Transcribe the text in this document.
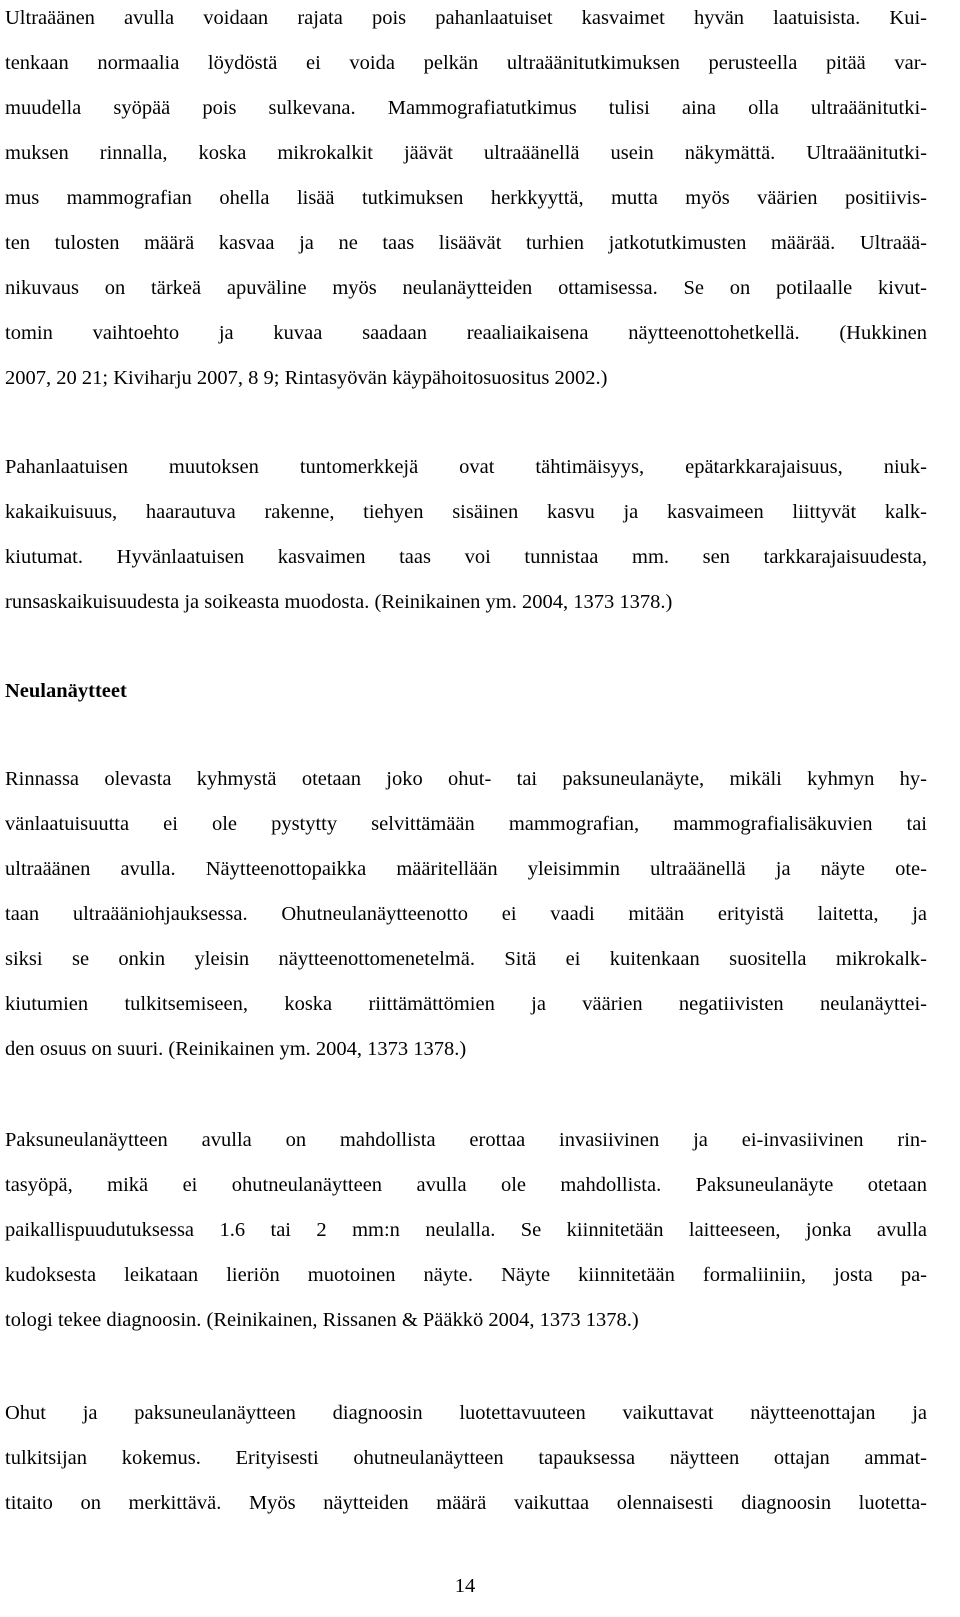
Ultraäänen avulla voidaan rajata pois pahanlaatuiset kasvaimet hyvän laatuisista. Kui-
tenkaan normaalia löydöstä ei voida pelkän ultraäänitutkimuksen perusteella pitää var-
muudella syöpää pois sulkevana. Mammografiatutkimus tulisi aina olla ultraäänitutki-
muksen rinnalla, koska mikrokalkit jäävät ultraäänellä usein näkymättä. Ultraäänitutki-
mus mammografian ohella lisää tutkimuksen herkkyyttä, mutta myös väärien positiivis-
ten tulosten määrä kasvaa ja ne taas lisäävät turhien jatkotutkimusten määrää. Ultraää-
nikuvaus on tärkeä apuväline myös neulanäytteiden ottamisessa. Se on potilaalle kivut-
tomin vaihtoehto ja kuvaa saadaan reaaliaikaisena näytteenottohetkellä. (Hukkinen
2007, 20 21; Kiviharju 2007, 8 9; Rintasyövän käypähoitosuositus 2002.)
Pahanlaatuisen muutoksen tuntomerkkejä ovat tähtimäisyys, epätarkkarajaisuus, niuk-
kakaikuisuus, haarautuva rakenne, tiehyen sisäinen kasvu ja kasvaimeen liittyvät kalk-
kiutumat. Hyvänlaatuisen kasvaimen taas voi tunnistaa mm. sen tarkkarajaisuudesta,
runsaskaikuisuudesta ja soikeasta muodosta. (Reinikainen ym. 2004, 1373 1378.)
Neulanäytteet
Rinnassa olevasta kyhmystä otetaan joko ohut- tai paksuneulanäyte, mikäli kyhmyn hy-
vänlaatuisuutta ei ole pystytty selvittämään mammografian, mammografialisäkuvien tai
ultraäänen avulla. Näytteenottopaikka määritellään yleisimmin ultraäänellä ja näyte ote-
taan ultraääniohjauksessa. Ohutneulanäytteenotto ei vaadi mitään erityistä laitetta, ja
siksi se onkin yleisin näytteenottomenetelmä. Sitä ei kuitenkaan suositella mikrokalk-
kiutumien tulkitsemiseen, koska riittämättömien ja väärien negatiivisten neulanäyttei-
den osuus on suuri. (Reinikainen ym. 2004, 1373 1378.)
Paksuneulanäytteen avulla on mahdollista erottaa invasiivinen ja ei-invasiivinen rin-
tasyöpä, mikä ei ohutneulanäytteen avulla ole mahdollista. Paksuneulanäyte otetaan
paikallispuudutuksessa 1.6 tai 2 mm:n neulalla. Se kiinnitetään laitteeseen, jonka avulla
kudoksesta leikataan lieriön muotoinen näyte. Näyte kiinnitetään formaliiniin, josta pa-
tologi tekee diagnoosin. (Reinikainen, Rissanen & Pääkkö 2004, 1373 1378.)
Ohut ja paksuneulanäytteen diagnoosin luotettavuuteen vaikuttavat näytteenottajan ja
tulkitsijan kokemus. Erityisesti ohutneulanäytteen tapauksessa näytteen ottajan ammat-
titaito on merkittävä. Myös näytteiden määrä vaikuttaa olennaisesti diagnoosin luotetta-
14
